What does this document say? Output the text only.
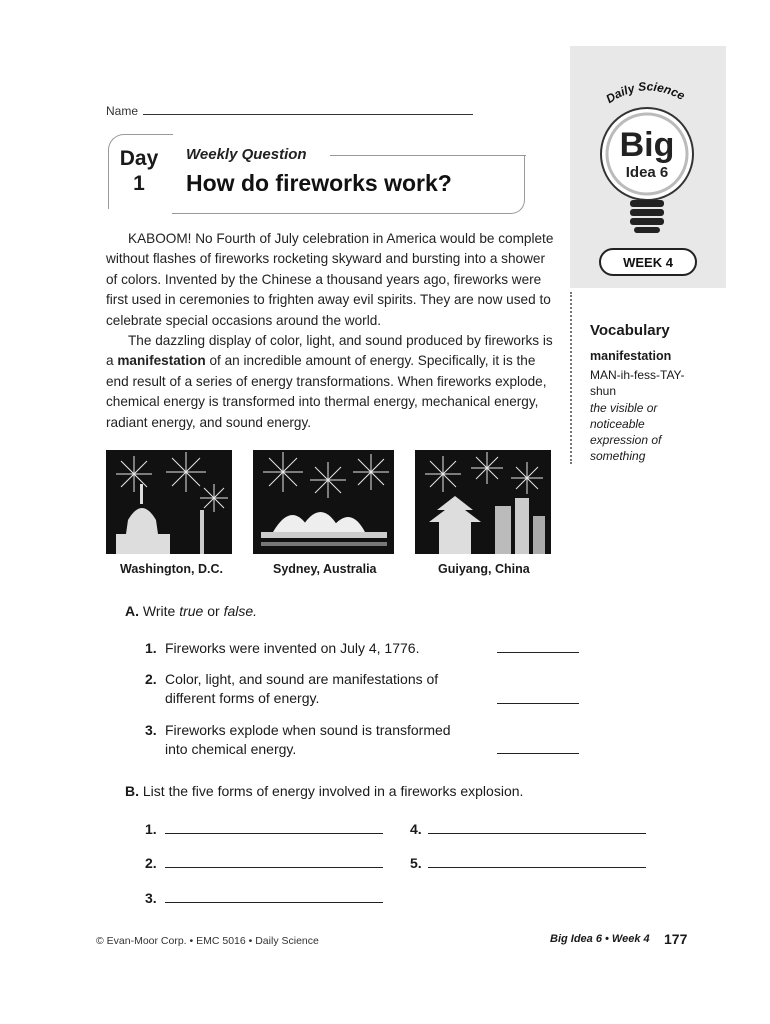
Name
Day
1
Weekly Question
How do fireworks work?

KABOOM! No Fourth of July celebration in America would be complete without flashes of fireworks rocketing skyward and bursting into a shower of colors. Invented by the Chinese a thousand years ago, fireworks were first used in ceremonies to frighten away evil spirits. They are now used to celebrate special occasions around the world.

The dazzling display of color, light, and sound produced by fireworks is a manifestation of an incredible amount of energy. Specifically, it is the end result of a series of energy transformations. When fireworks explode, chemical energy is transformed into thermal energy, mechanical energy, radiant energy, and sound energy.

Daily Science
Big
Idea 6
WEEK 4
Vocabulary
manifestation
MAN-ih-fess-TAY-shun
the visible or noticeable expression of something
Washington, D.C.	Sydney, Australia	Guiyang, China
A. Write true or false.
1. Fireworks were invented on July 4, 1776.
2. Color, light, and sound are manifestations of
different forms of energy.
3. Fireworks explode when sound is transformed
into chemical energy.
B. List the five forms of energy involved in a fireworks explosion.
1.	4.
2.	5.
3.
© Evan-Moor Corp. • EMC 5016 • Daily Science	Big Idea 6 • Week 4 177
